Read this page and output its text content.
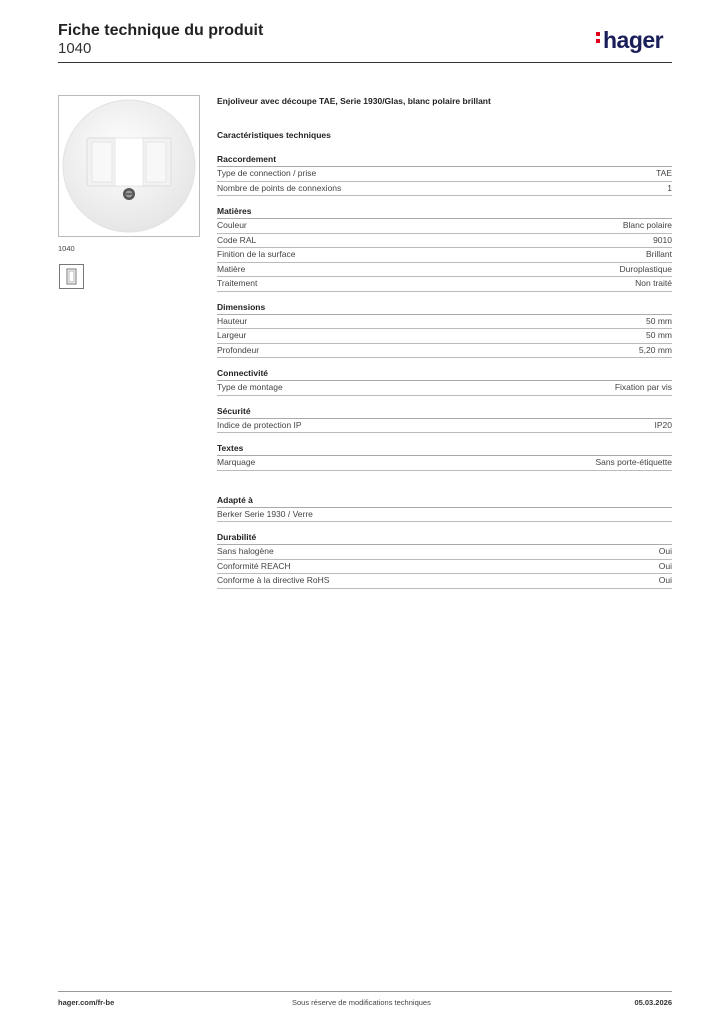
Fiche technique du produit
1040	hager
1040
Enjoliveur avec découpe TAE, Serie 1930/Glas, blanc polaire brillant
Caractéristiques techniques
Raccordement
Type de connection / prise	TAE
Nombre de points de connexions	1
Matières
Couleur	Blanc polaire
Code RAL	9010
Finition de la surface	Brillant
Matière	Duroplastique
Traitement	Non traité
Dimensions
Hauteur	50 mm
Largeur	50 mm
Profondeur	5,20 mm
Connectivité
Type de montage	Fixation par vis
Sécurité
Indice de protection IP	IP20
Textes
Marquage	Sans porte-étiquette
Adapté à
Berker Serie 1930 / Verre
Durabilité
Sans halogène	Oui
Conformité REACH	Oui
Conforme à la directive RoHS	Oui
hager.com/fr-be	Sous réserve de modifications techniques	05.03.2026
